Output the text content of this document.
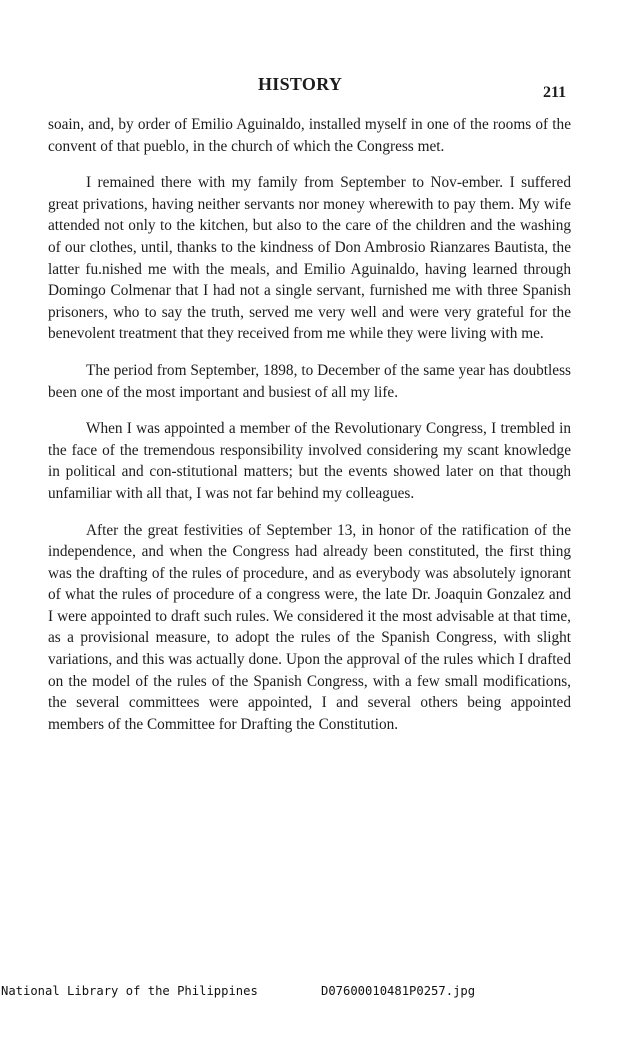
HISTORY	211

soain, and, by order of Emilio Aguinaldo, installed myself in one of the rooms of the convent of that pueblo, in the church of which the Congress met.

I remained there with my family from September to Nov-ember. I suffered great privations, having neither servants nor money wherewith to pay them. My wife attended not only to the kitchen, but also to the care of the children and the washing of our clothes, until, thanks to the kindness of Don Ambrosio Rianzares Bautista, the latter fu.nished me with the meals, and Emilio Aguinaldo, having learned through Domingo Colmenar that I had not a single servant, furnished me with three Spanish prisoners, who to say the truth, served me very well and were very grateful for the benevolent treatment that they received from me while they were living with me.

The period from September, 1898, to December of the same year has doubtless been one of the most important and busiest of all my life.

When I was appointed a member of the Revolutionary Congress, I trembled in the face of the tremendous responsibility involved considering my scant knowledge in political and con-stitutional matters; but the events showed later on that though unfamiliar with all that, I was not far behind my colleagues.

After the great festivities of September 13, in honor of the ratification of the independence, and when the Congress had already been constituted, the first thing was the drafting of the rules of procedure, and as everybody was absolutely ignorant of what the rules of procedure of a congress were, the late Dr. Joaquin Gonzalez and I were appointed to draft such rules. We considered it the most advisable at that time, as a provisional measure, to adopt the rules of the Spanish Congress, with slight variations, and this was actually done. Upon the approval of the rules which I drafted on the model of the rules of the Spanish Congress, with a few small modifications, the several committees were appointed, I and several others being appointed members of the Committee for Drafting the Constitution.

National Library of the Philippines

	D07600010481P0257.jpg
